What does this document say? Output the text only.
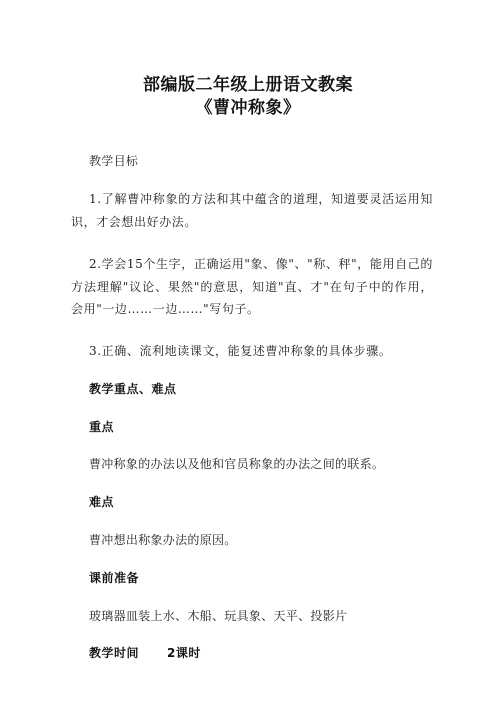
部编版二年级上册语文教案
《曹冲称象》
教学目标
1.了解曹冲称象的方法和其中蕴含的道理，知道要灵活运用知识，才会想出好办法。
2.学会15个生字，正确运用"象、像"、"称、秤"，能用自己的方法理解"议论、果然"的意思，知道"直、才"在句子中的作用，会用"一边……一边……"写句子。
3.正确、流利地读课文，能复述曹冲称象的具体步骤。
教学重点、难点
重点
曹冲称象的办法以及他和官员称象的办法之间的联系。
难点
曹冲想出称象办法的原因。
课前准备
玻璃器皿装上水、木船、玩具象、天平、投影片
教学时间 2课时
